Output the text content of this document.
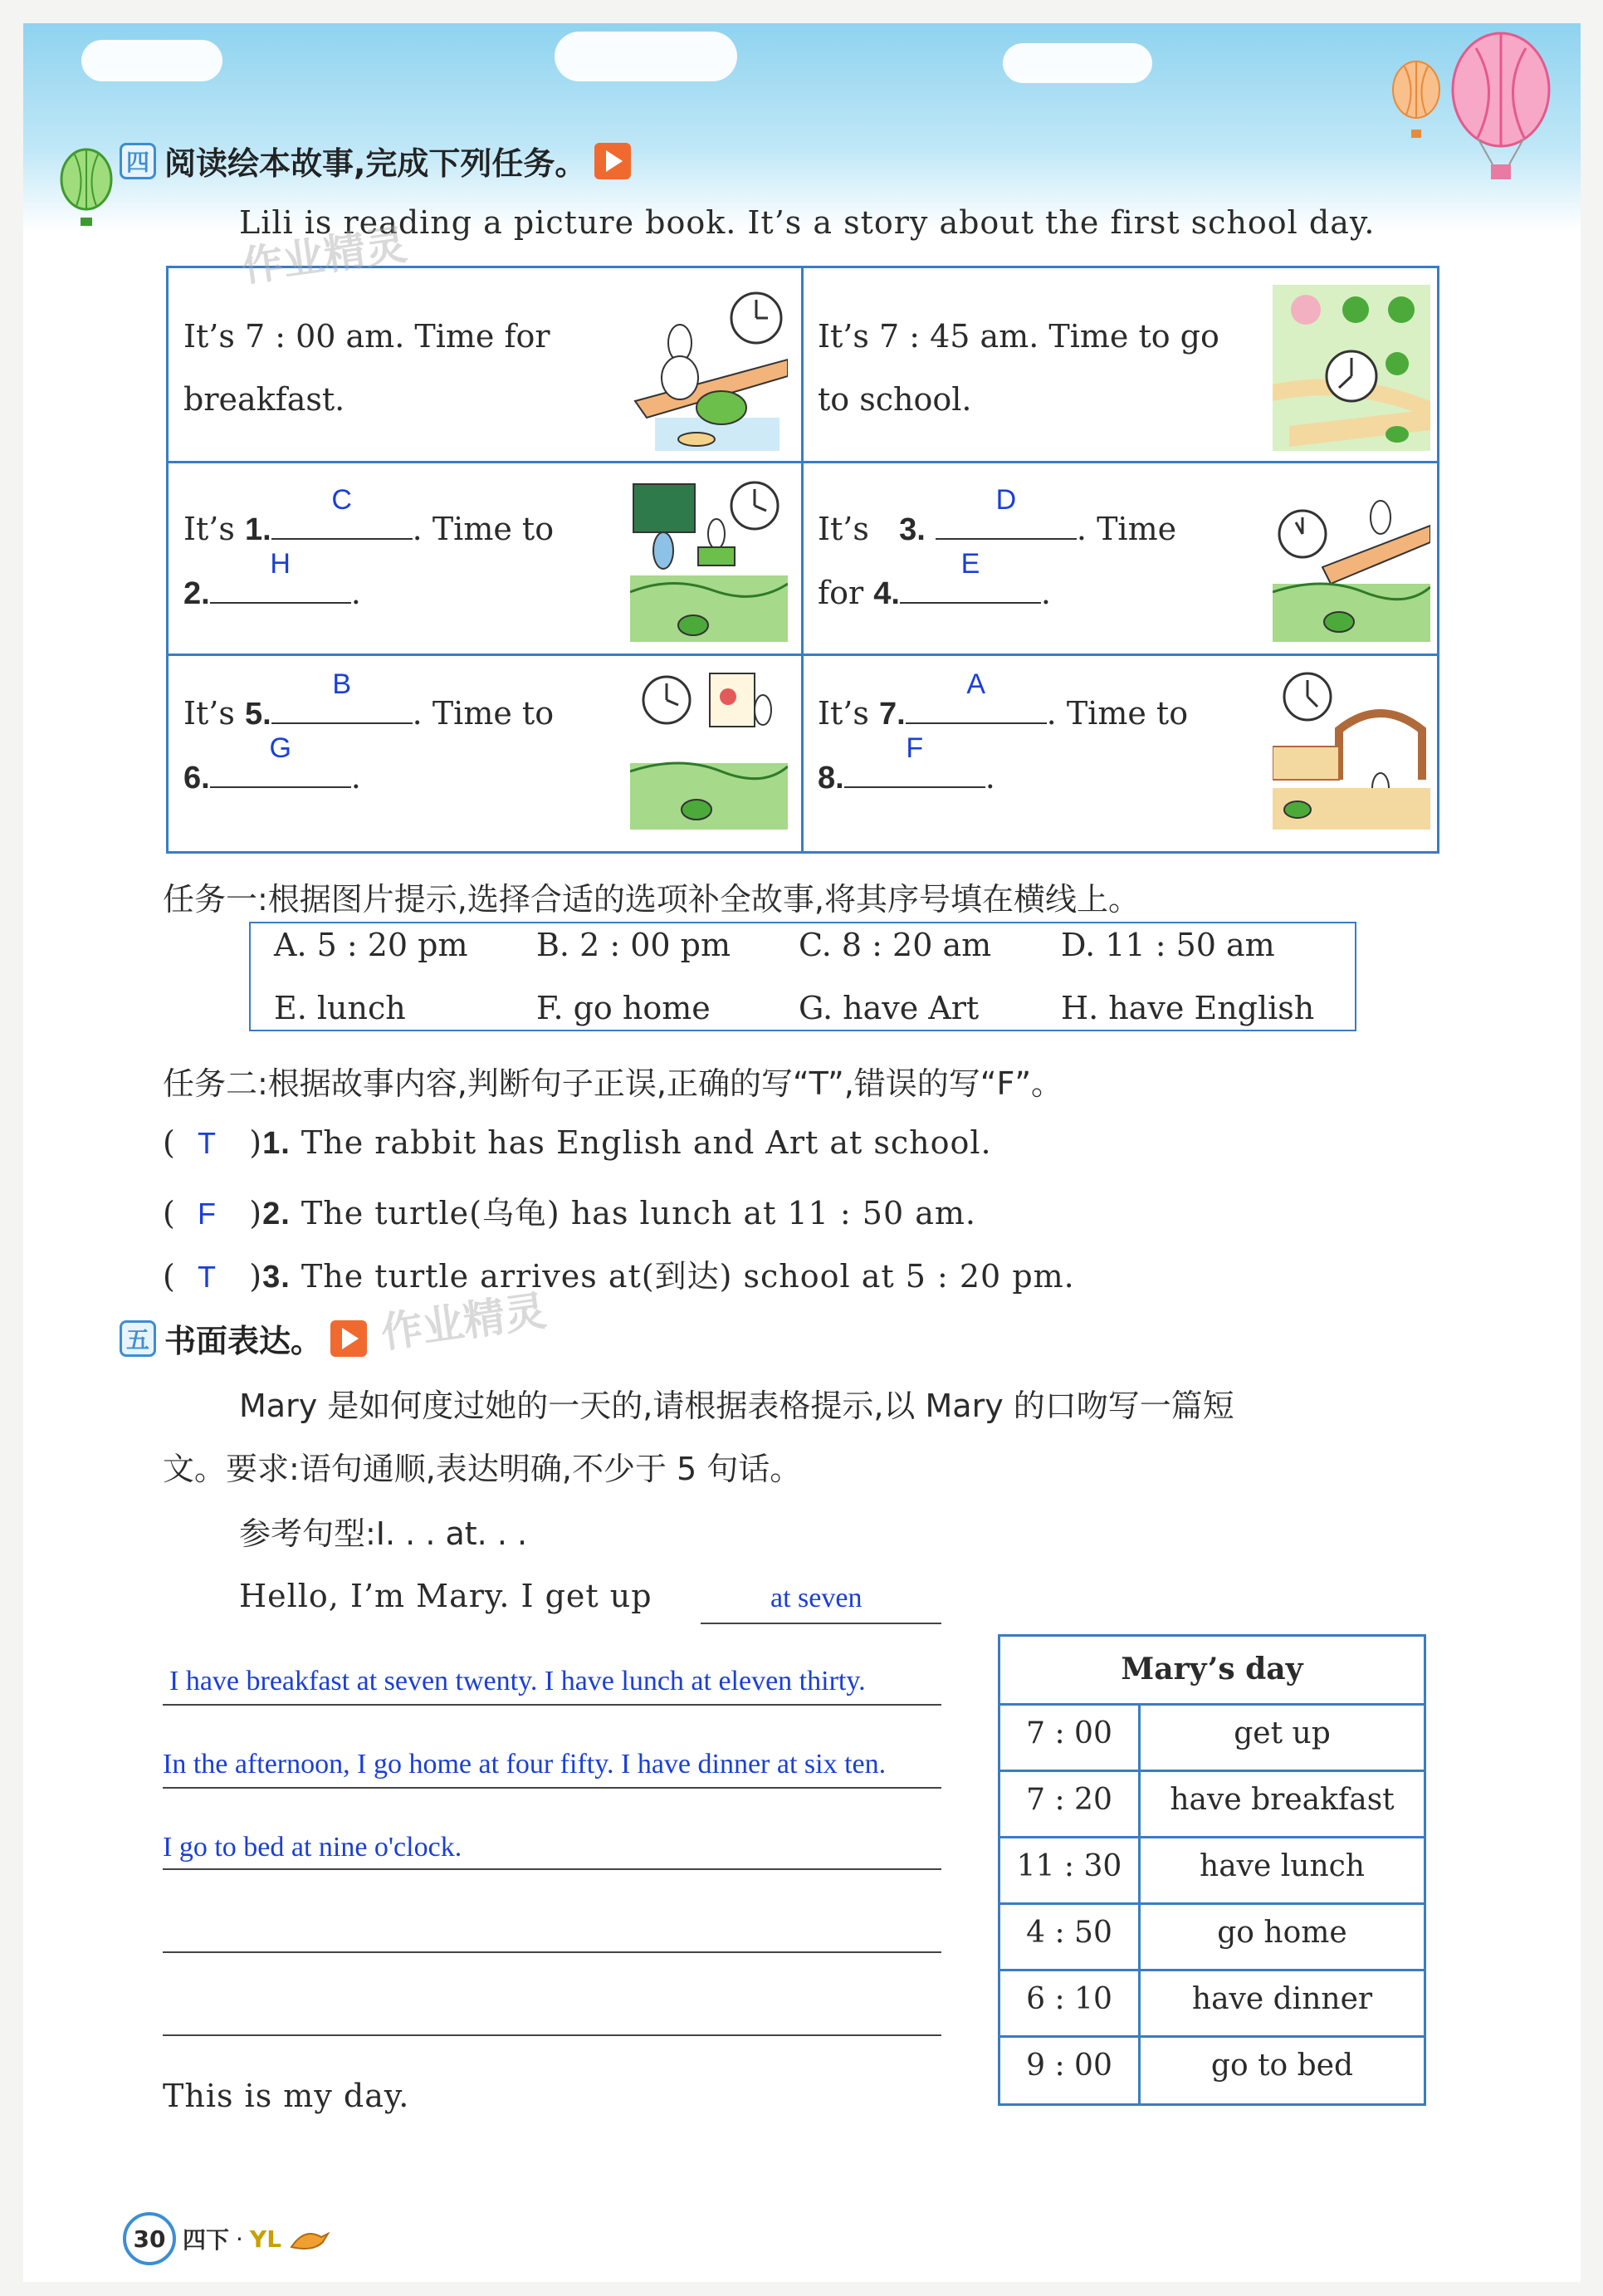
四 阅读绘本故事,完成下列任务。
Lili is reading a picture book. It’s a story about the first school day.
It’s 7 : 00 am. Time for
breakfast.
It’s 7 : 45 am. Time to go
to school.
It’s 1.
C
. Time to
2.
H
.
It’s 3.
D
. Time
for 4.
E
.
It’s 5.
B
. Time to
6.
G
.
It’s 7.
A
. Time to
8.
F
.
任务一:根据图片提示,选择合适的选项补全故事,将其序号填在横线上。
A. 5 : 20 pm B. 2 : 00 pm C. 8 : 20 am D. 11 : 50 am
E. lunch	F. go home	G. have Art	H. have English
任务二:根据故事内容,判断句子正误,正确的写“T”,错误的写“F”。
( T )1. The rabbit has English and Art at school.
( F )2. The turtle(乌龟) has lunch at 11 : 50 am.
( T )3. The turtle arrives at(到达) school at 5 : 20 pm.
五 书面表达。
Mary 是如何度过她的一天的,请根据表格提示,以 Mary 的口吻写一篇短
文。要求:语句通顺,表达明确,不少于 5 句话。
参考句型:I. . . at. . .
Hello, I’m Mary. I get up	at seven
I have breakfast at seven twenty. I have lunch at eleven thirty.
In the afternoon, I go home at four fifty. I have dinner at six ten.
I go to bed at nine o'clock.
This is my day.
Mary’s day
7 : 00	get up
7 : 20	have breakfast
11 : 30	have lunch
4 : 50	go home
6 : 10	have dinner
9 : 00	go to bed
作业精灵
作业精灵
30 四下 · YL
